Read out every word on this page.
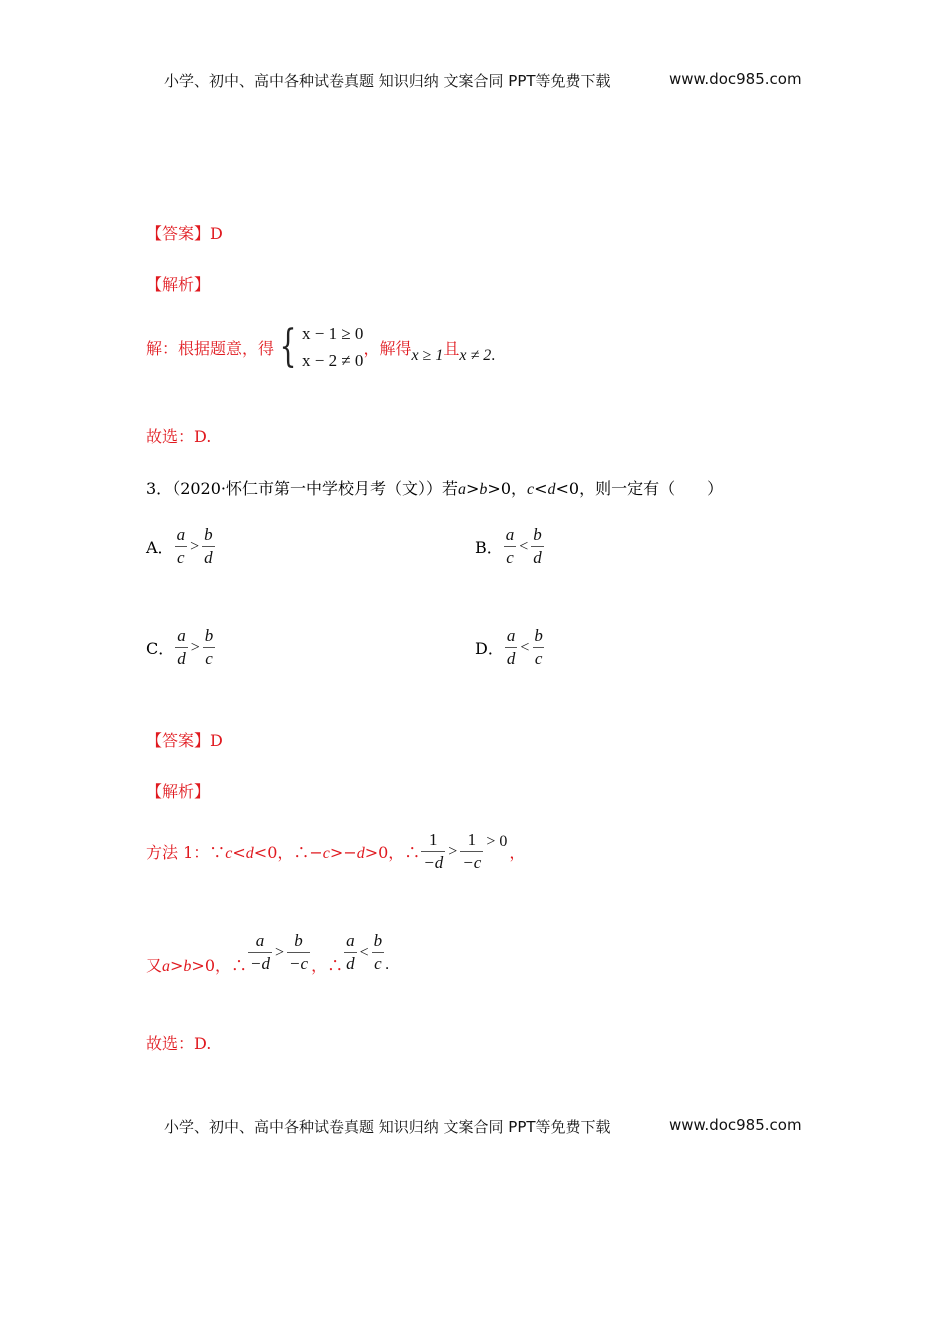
小学、初中、高中各种试卷真题 知识归纳 文案合同 PPT等免费下载	www.doc985.com
【答案】D
【解析】
解：根据题意，得 { x − 1 ≥ 0
x − 2 ≠ 0
，解得x ≥ 1且x ≠ 2.
故选：D.
3．（2020·怀仁市第一中学校月考（文））若a>b>0，c<d<0，则一定有（　　）
A． $\frac{a}{c} > \frac{b}{d}$	B． $\frac{a}{c} < \frac{b}{d}$
C． $\frac{a}{d} > \frac{b}{c}$	D． $\frac{a}{d} < \frac{b}{c}$
【答案】D
【解析】
方法 1：∵c<d<0，∴−c>−d>0，∴ $\frac{1}{-d} > \frac{1}{-c} > 0$，
又a>b>0，∴ $\frac{a}{-d} > \frac{b}{-c}$ ，∴ $\frac{a}{d} < \frac{b}{c}$ .
故选：D.
小学、初中、高中各种试卷真题 知识归纳 文案合同 PPT等免费下载	www.doc985.com
